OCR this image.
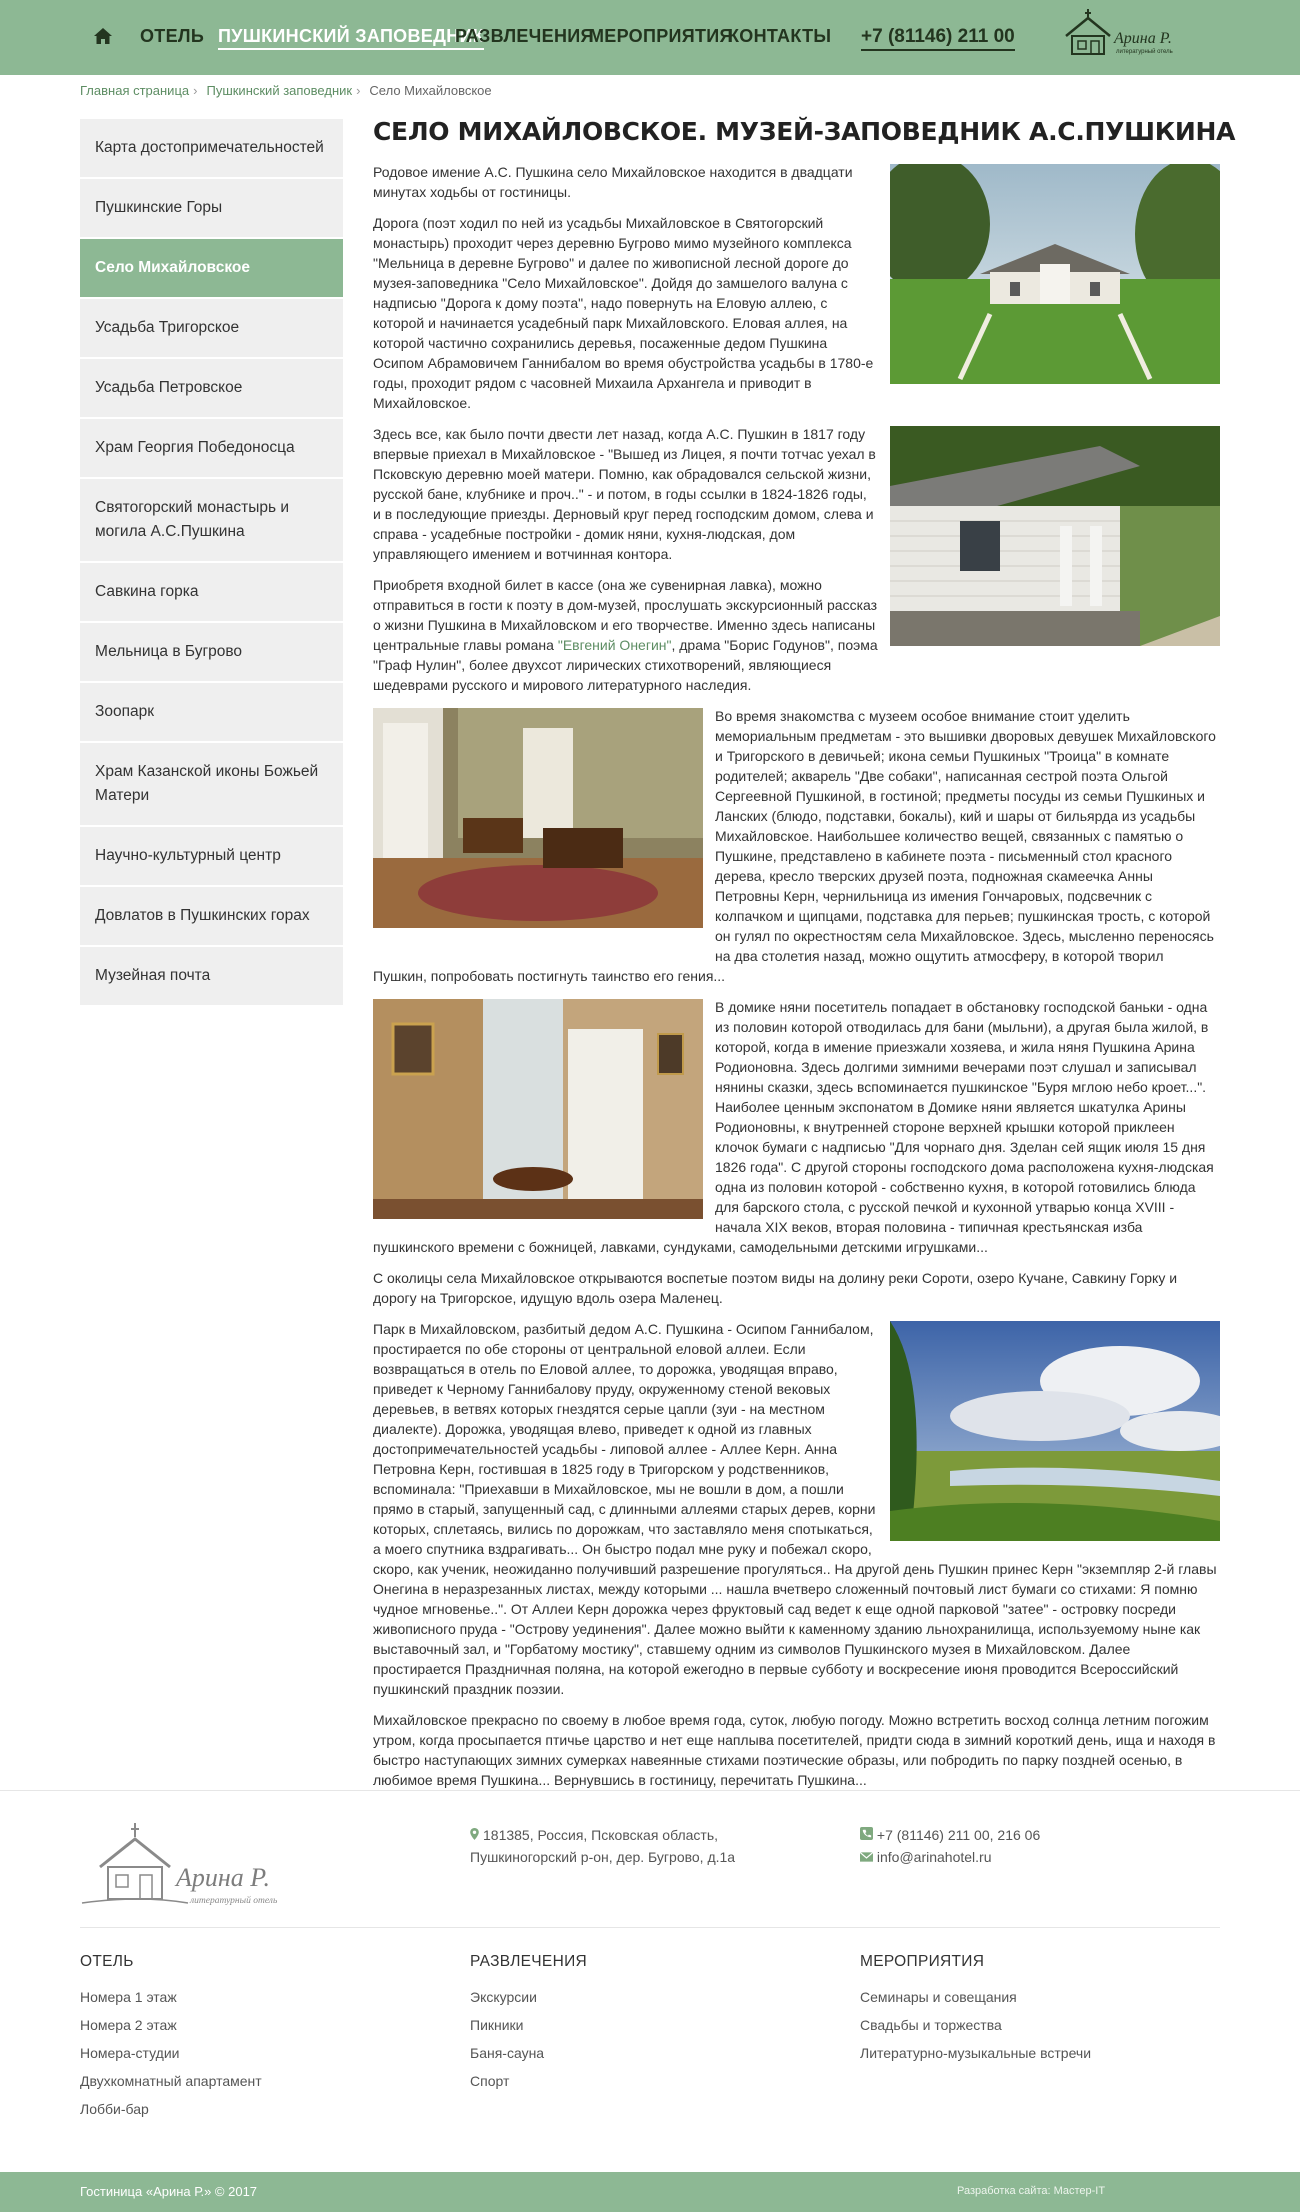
ОТЕЛЬ ПУШКИНСКИЙ ЗАПОВЕДНИК
РАЗВЛЕЧЕНИЯ
МЕРОПРИЯТИЯ
КОНТАКТЫ +7 (81146) 211 00	Арина Р.
литературный отель
Главная страница › Пушкинский заповедник › Село Михайловское
Карта достопримечательностей
Пушкинские Горы
Село Михайловское
Усадьба Тригорское
Усадьба Петровское
Храм Георгия Победоносца
Святогорский монастырь и могила А.С.Пушкина
Савкина горка
Мельница в Бугрово
Зоопарк
Храм Казанской иконы Божьей Матери
Научно-культурный центр
Довлатов в Пушкинских горах
Музейная почта
СЕЛО МИХАЙЛОВСКОЕ. МУЗЕЙ-ЗАПОВЕДНИК А.С.ПУШКИНА

Родовое имение А.С. Пушкина село Михайловское находится в двадцати минутах ходьбы от гостиницы.

Дорога (поэт ходил по ней из усадьбы Михайловское в Святогорский монастырь) проходит через деревню Бугрово мимо музейного комплекса "Мельница в деревне Бугрово" и далее по живописной лесной дороге до музея-заповедника "Село Михайловское". Дойдя до замшелого валуна с надписью "Дорога к дому поэта", надо повернуть на Еловую аллею, с которой и начинается усадебный парк Михайловского. Еловая аллея, на которой частично сохранились деревья, посаженные дедом Пушкина Осипом Абрамовичем Ганнибалом во время обустройства усадьбы в 1780-е годы, проходит рядом с часовней Михаила Архангела и приводит в Михайловское.

Здесь все, как было почти двести лет назад, когда А.С. Пушкин в 1817 году впервые приехал в Михайловское - "Вышед из Лицея, я почти тотчас уехал в Псковскую деревню моей матери. Помню, как обрадовался сельской жизни, русской бане, клубнике и проч.." - и потом, в годы ссылки в 1824-1826 годы, и в последующие приезды. Дерновый круг перед господским домом, слева и справа - усадебные постройки - домик няни, кухня-людская, дом управляющего имением и вотчинная контора.

Приобретя входной билет в кассе (она же сувенирная лавка), можно отправиться в гости к поэту в дом-музей, прослушать экскурсионный рассказ о жизни Пушкина в Михайловском и его творчестве. Именно здесь написаны центральные главы романа "Евгений Онегин", драма "Борис Годунов", поэма "Граф Нулин", более двухсот лирических стихотворений, являющиеся шедеврами русского и мирового литературного наследия.

Во время знакомства с музеем особое внимание стоит уделить мемориальным предметам - это вышивки дворовых девушек Михайловского и Тригорского в девичьей; икона семьи Пушкиных "Троица" в комнате родителей; акварель "Две собаки", написанная сестрой поэта Ольгой Сергеевной Пушкиной, в гостиной; предметы посуды из семьи Пушкиных и Ланских (блюдо, подставки, бокалы), кий и шары от бильярда из усадьбы Михайловское. Наибольшее количество вещей, связанных с памятью о Пушкине, представлено в кабинете поэта - письменный стол красного дерева, кресло тверских друзей поэта, подножная скамеечка Анны Петровны Керн, чернильница из имения Гончаровых, подсвечник с колпачком и щипцами, подставка для перьев; пушкинская трость, с которой он гулял по окрестностям села Михайловское. Здесь, мысленно переносясь на два столетия назад, можно ощутить атмосферу, в которой творил Пушкин, попробовать постигнуть таинство его гения...

В домике няни посетитель попадает в обстановку господской баньки - одна из половин которой отводилась для бани (мыльни), а другая была жилой, в которой, когда в имение приезжали хозяева, и жила няня Пушкина Арина Родионовна. Здесь долгими зимними вечерами поэт слушал и записывал нянины сказки, здесь вспоминается пушкинское "Буря мглою небо кроет...". Наиболее ценным экспонатом в Домике няни является шкатулка Арины Родионовны, к внутренней стороне верхней крышки которой приклеен клочок бумаги с надписью "Для чорнаго дня. Зделан сей ящик июля 15 дня 1826 года". С другой стороны господского дома расположена кухня-людская одна из половин которой - собственно кухня, в которой готовились блюда для барского стола, с русской печкой и кухонной утварью конца XVIII - начала XIX веков, вторая половина - типичная крестьянская изба пушкинского времени с божницей, лавками, сундуками, самодельными детскими игрушками...

С околицы села Михайловское открываются воспетые поэтом виды на долину реки Сороти, озеро Кучане, Савкину Горку и дорогу на Тригорское, идущую вдоль озера Маленец.

Парк в Михайловском, разбитый дедом А.С. Пушкина - Осипом Ганнибалом, простирается по обе стороны от центральной еловой аллеи. Если возвращаться в отель по Еловой аллее, то дорожка, уводящая вправо, приведет к Черному Ганнибалову пруду, окруженному стеной вековых деревьев, в ветвях которых гнездятся серые цапли (зуи - на местном диалекте). Дорожка, уводящая влево, приведет к одной из главных достопримечательностей усадьбы - липовой аллее - Аллее Керн. Анна Петровна Керн, гостившая в 1825 году в Тригорском у родственников, вспоминала: "Приехавши в Михайловское, мы не вошли в дом, а пошли прямо в старый, запущенный сад, с длинными аллеями старых дерев, корни которых, сплетаясь, вились по дорожкам, что заставляло меня спотыкаться, а моего спутника вздрагивать... Он быстро подал мне руку и побежал скоро, скоро, как ученик, неожиданно получивший разрешение прогуляться.. На другой день Пушкин принес Керн "экземпляр 2-й главы Онегина в неразрезанных листах, между которыми ... нашла вчетверо сложенный почтовый лист бумаги со стихами: Я помню чудное мгновенье..". От Аллеи Керн дорожка через фруктовый сад ведет к еще одной парковой "затее" - островку посреди живописного пруда - "Острову уединения". Далее можно выйти к каменному зданию льнохранилища, используемому ныне как выставочный зал, и "Горбатому мостику", ставшему одним из символов Пушкинского музея в Михайловском. Далее простирается Праздничная поляна, на которой ежегодно в первые субботу и воскресение июня проводится Всероссийский пушкинский праздник поэзии.

Михайловское прекрасно по своему в любое время года, суток, любую погоду. Можно встретить восход солнца летним погожим утром, когда просыпается птичье царство и нет еще наплыва посетителей, придти сюда в зимний короткий день, ища и находя в быстро наступающих зимних сумерках навеянные стихами поэтические образы, или побродить по парку поздней осенью, в любимое время Пушкина... Вернувшись в гостиницу, перечитать Пушкина...

Арина Р.
литературный отель
181385, Россия, Псковская область,
Пушкиногорский р-он, дер. Бугрово, д.1а
+7 (81146) 211 00, 216 06
info@arinahotel.ru
ОТЕЛЬ
Номера 1 этаж
Номера 2 этаж
Номера-студии
Двухкомнатный апартамент
Лобби-бар
РАЗВЛЕЧЕНИЯ
Экскурсии
Пикники
Баня-сауна
Спорт
МЕРОПРИЯТИЯ
Семинары и совещания
Свадьбы и торжества
Литературно-музыкальные встречи
Гостиница «Арина Р.» © 2017	Разработка сайта: Мастер-IT
